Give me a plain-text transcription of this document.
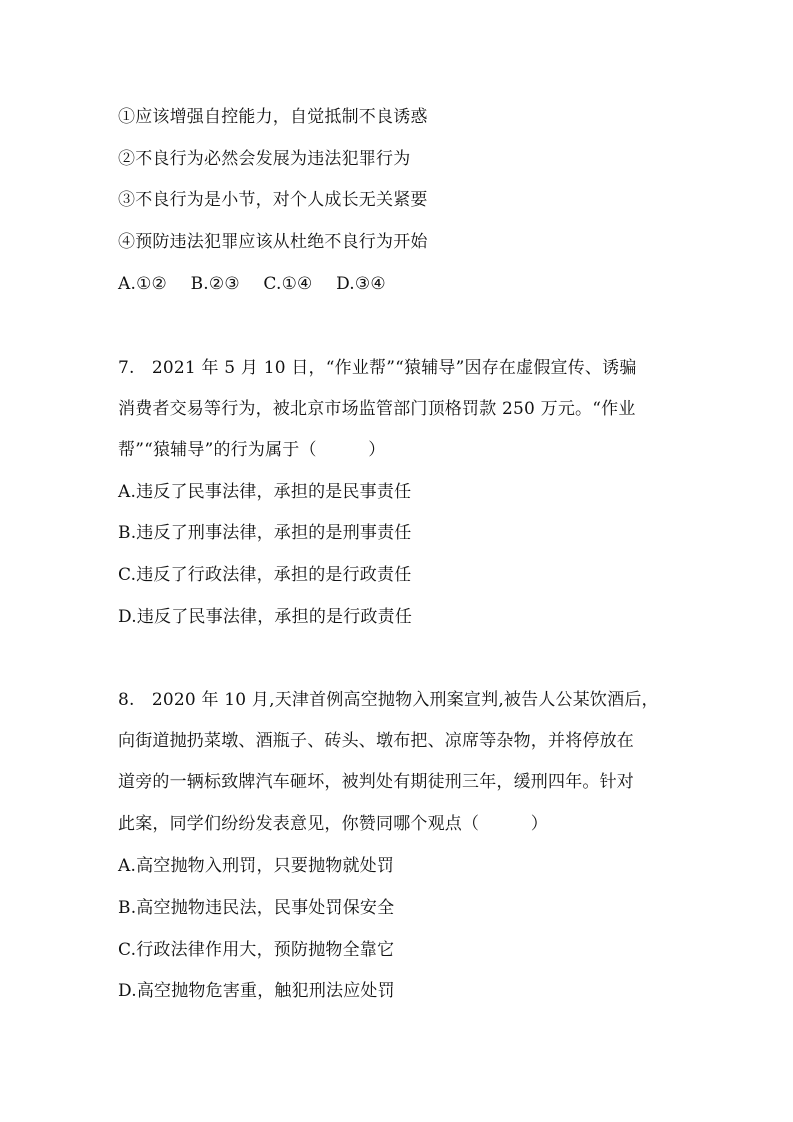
①应该增强自控能力，自觉抵制不良诱惑
②不良行为必然会发展为违法犯罪行为
③不良行为是小节，对个人成长无关紧要
④预防违法犯罪应该从杜绝不良行为开始
A.①② B.②③ C.①④ D.③④
7.　2021 年 5 月 10 日，“作业帮”“猿辅导”因存在虚假宣传、诱骗
消费者交易等行为，被北京市场监管部门顶格罚款 250 万元。“作业
帮”“猿辅导”的行为属于（　　　）
A.违反了民事法律，承担的是民事责任
B.违反了刑事法律，承担的是刑事责任
C.违反了行政法律，承担的是行政责任
D.违反了民事法律，承担的是行政责任
8.　2020 年 10 月,天津首例高空抛物入刑案宣判,被告人公某饮酒后，
向街道抛扔菜墩、酒瓶子、砖头、墩布把、凉席等杂物，并将停放在
道旁的一辆标致牌汽车砸坏，被判处有期徒刑三年，缓刑四年。针对
此案，同学们纷纷发表意见，你赞同哪个观点（　　　）
A.高空抛物入刑罚，只要抛物就处罚
B.高空抛物违民法，民事处罚保安全
C.行政法律作用大，预防抛物全靠它
D.高空抛物危害重，触犯刑法应处罚
